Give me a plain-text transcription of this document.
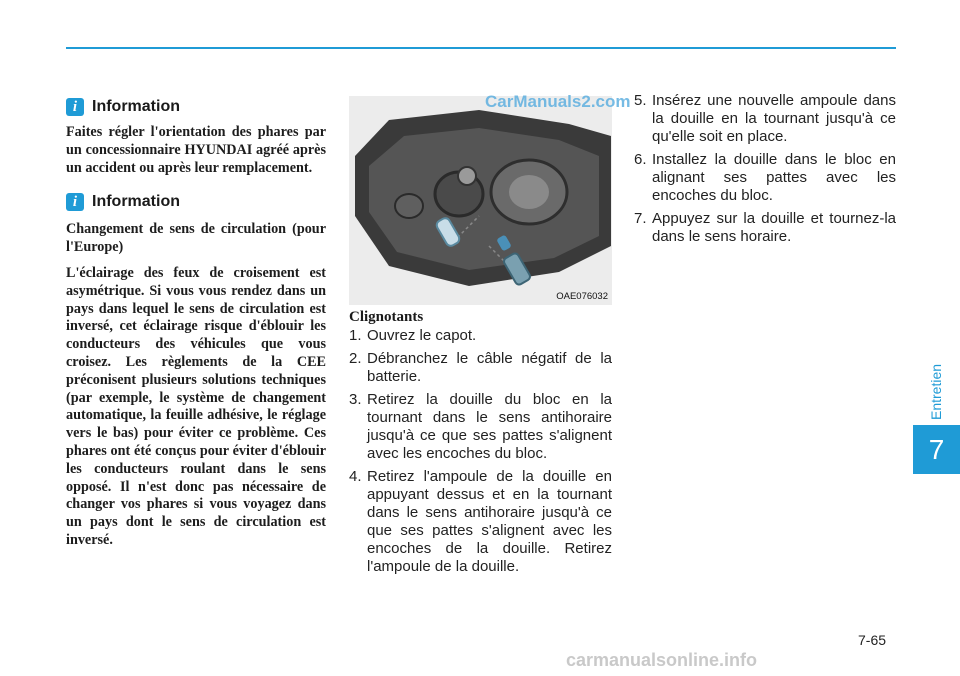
i Information

Faites régler l'orientation des phares par un concessionnaire HYUNDAI agréé après un accident ou après leur remplacement.

i Information

Changement de sens de circulation (pour l'Europe)

L'éclairage des feux de croisement est asymétrique. Si vous vous rendez dans un pays dans lequel le sens de circulation est inversé, cet éclairage risque d'éblouir les conducteurs des véhicules que vous croisez. Les règlements de la CEE préconisent plusieurs solutions techniques (par exemple, le système de changement automatique, la feuille adhésive, le réglage vers le bas) pour éviter ce problème. Ces phares ont été conçus pour éviter d'éblouir les conducteurs roulant dans le sens opposé. Il n'est donc pas nécessaire de changer vos phares si vous voyagez dans un pays dont le sens de circulation est inversé.

OAE076032
CarManuals2.com
Clignotants
1. Ouvrez le capot.
2. Débranchez le câble négatif de la batterie.
3. Retirez la douille du bloc en la tournant dans le sens antihoraire jusqu'à ce que ses pattes s'alignent avec les encoches du bloc.
4. Retirez l'ampoule de la douille en appuyant dessus et en la tournant dans le sens antihoraire jusqu'à ce que ses pattes s'alignent avec les encoches de la douille. Retirez l'ampoule de la douille.
5. Insérez une nouvelle ampoule dans la douille en la tournant jusqu'à ce qu'elle soit en place.
6. Installez la douille dans le bloc en alignant ses pattes avec les encoches du bloc.
7. Appuyez sur la douille et tournez-la dans le sens horaire.
Entretien
7
7-65
carmanualsonline.info
